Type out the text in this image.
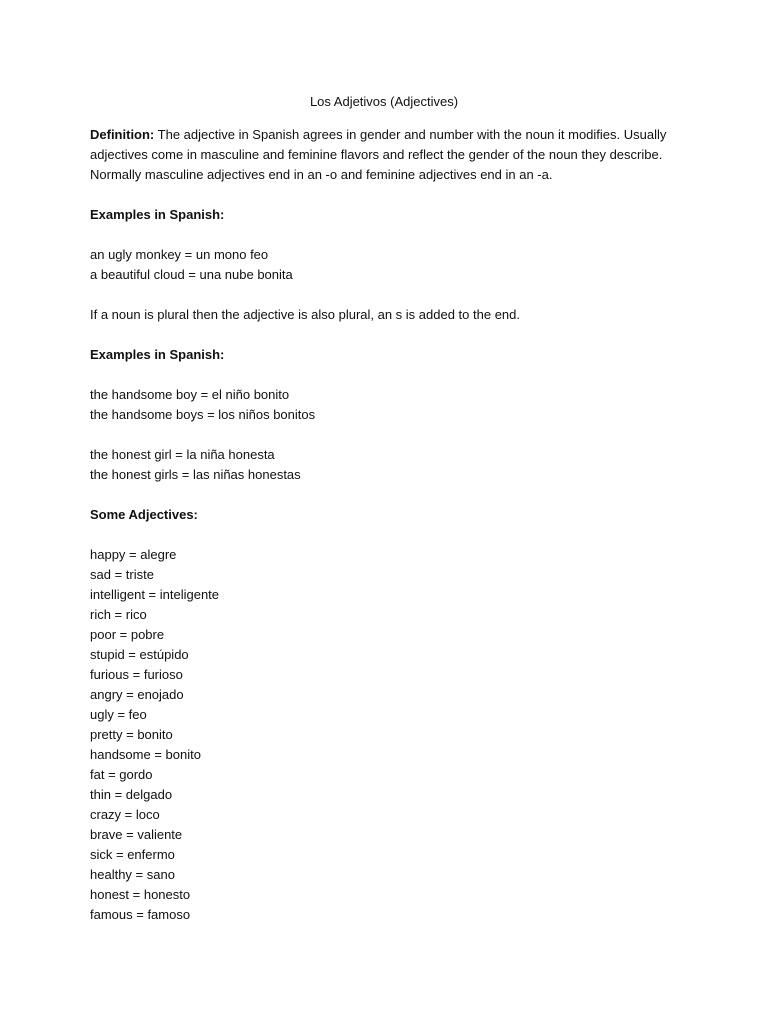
Los Adjetivos (Adjectives)

Definition: The adjective in Spanish agrees in gender and number with the noun it modifies. Usually
adjectives come in masculine and feminine flavors and reflect the gender of the noun they describe.
Normally masculine adjectives end in an -o and feminine adjectives end in an -a.

Examples in Spanish:

an ugly monkey = un mono feo
a beautiful cloud = una nube bonita

If a noun is plural then the adjective is also plural, an s is added to the end.

Examples in Spanish:

the handsome boy = el niño bonito
the handsome boys = los niños bonitos
the honest girl = la niña honesta
the honest girls = las niñas honestas

Some Adjectives:

happy = alegre
sad = triste
intelligent = inteligente
rich = rico
poor = pobre
stupid = estúpido
furious = furioso
angry = enojado
ugly = feo
pretty = bonito
handsome = bonito
fat = gordo
thin = delgado
crazy = loco
brave = valiente
sick = enfermo
healthy = sano
honest = honesto
famous = famoso
